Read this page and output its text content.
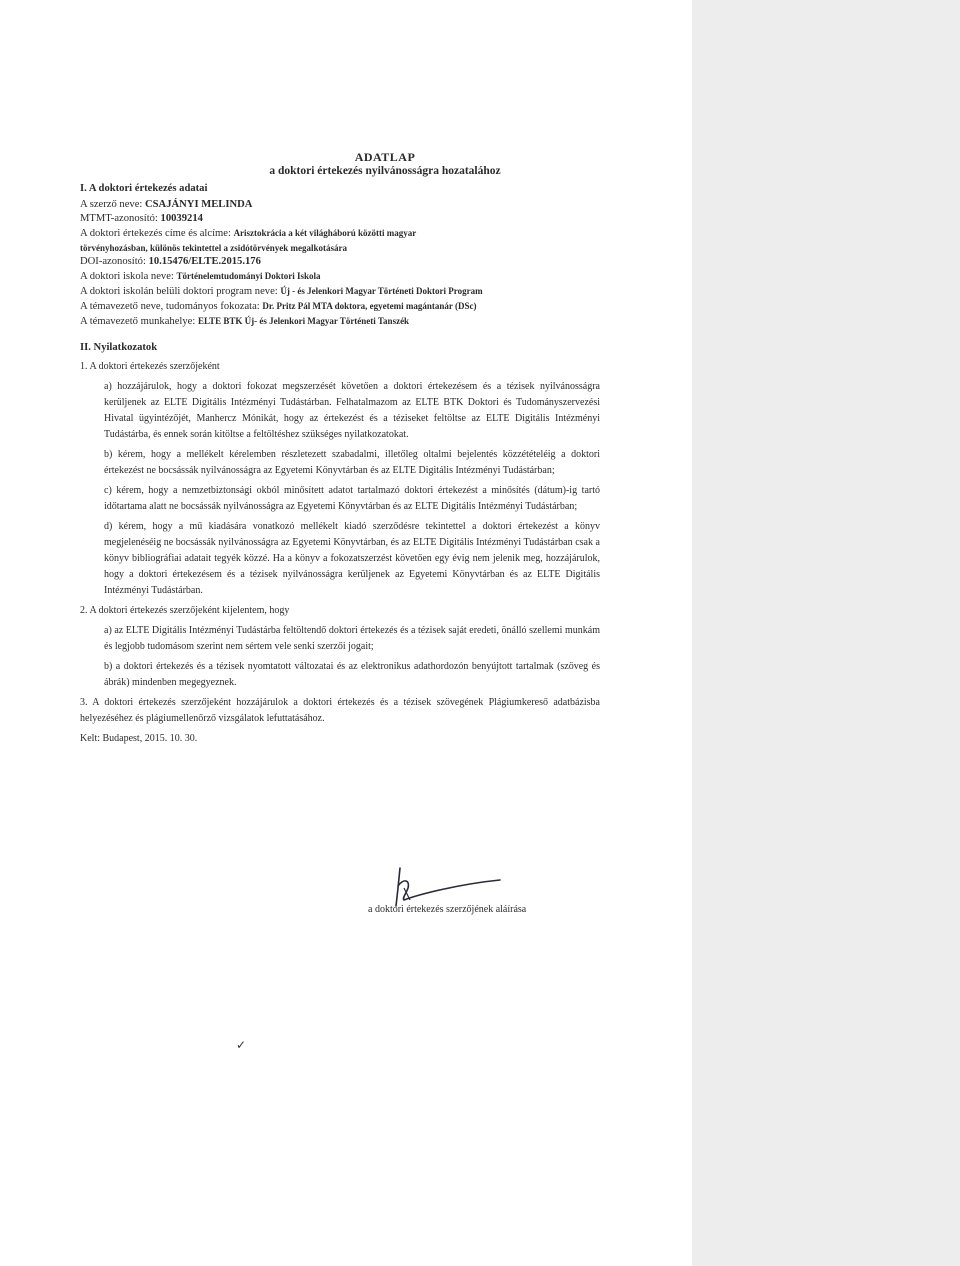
ADATLAP
a doktori értekezés nyilvánosságra hozatalához
I. A doktori értekezés adatai
A szerző neve: CSAJÁNYI MELINDA
MTMT-azonosító: 10039214
A doktori értekezés címe és alcíme: Arisztokrácia a két világháború közötti magyar
törvényhozásban, különös tekintettel a zsidótörvények megalkotására
DOI-azonosító: 10.15476/ELTE.2015.176
A doktori iskola neve: Történelemtudományi Doktori Iskola
A doktori iskolán belüli doktori program neve: Új - és Jelenkori Magyar Történeti Doktori Program
A témavezető neve, tudományos fokozata: Dr. Pritz Pál MTA doktora, egyetemi magántanár (DSc)
A témavezető munkahelye: ELTE BTK Új- és Jelenkori Magyar Történeti Tanszék
II. Nyilatkozatok
1. A doktori értekezés szerzőjeként
a) hozzájárulok, hogy a doktori fokozat megszerzését követően a doktori értekezésem és a tézisek nyilvánosságra kerüljenek az ELTE Digitális Intézményi Tudástárban. Felhatalmazom az ELTE BTK Doktori és Tudományszervezési Hivatal ügyintézőjét, Manhercz Mónikát, hogy az értekezést és a téziseket feltöltse az ELTE Digitális Intézményi Tudástárba, és ennek során kitöltse a feltöltéshez szükséges nyilatkozatokat.
b) kérem, hogy a mellékelt kérelemben részletezett szabadalmi, illetőleg oltalmi bejelentés közzétételéig a doktori értekezést ne bocsássák nyilvánosságra az Egyetemi Könyvtárban és az ELTE Digitális Intézményi Tudástárban;
c) kérem, hogy a nemzetbiztonsági okból minősített adatot tartalmazó doktori értekezést a minősítés (dátum)-ig tartó időtartama alatt ne bocsássák nyilvánosságra az Egyetemi Könyvtárban és az ELTE Digitális Intézményi Tudástárban;
d) kérem, hogy a mű kiadására vonatkozó mellékelt kiadó szerződésre tekintettel a doktori értekezést a könyv megjelenéséig ne bocsássák nyilvánosságra az Egyetemi Könyvtárban, és az ELTE Digitális Intézményi Tudástárban csak a könyv bibliográfiai adatait tegyék közzé. Ha a könyv a fokozatszerzést követően egy évig nem jelenik meg, hozzájárulok, hogy a doktori értekezésem és a tézisek nyilvánosságra kerüljenek az Egyetemi Könyvtárban és az ELTE Digitális Intézményi Tudástárban.
2. A doktori értekezés szerzőjeként kijelentem, hogy
a) az ELTE Digitális Intézményi Tudástárba feltöltendő doktori értekezés és a tézisek saját eredeti, önálló szellemi munkám és legjobb tudomásom szerint nem sértem vele senki szerzői jogait;
b) a doktori értekezés és a tézisek nyomtatott változatai és az elektronikus adathordozón benyújtott tartalmak (szöveg és ábrák) mindenben megegyeznek.
3. A doktori értekezés szerzőjeként hozzájárulok a doktori értekezés és a tézisek szövegének Plágiumkereső adatbázisba helyezéséhez és plágiumellenőrző vizsgálatok lefuttatásához.
Kelt: Budapest, 2015. 10. 30.
a doktori értekezés szerzőjének aláírása
✓
